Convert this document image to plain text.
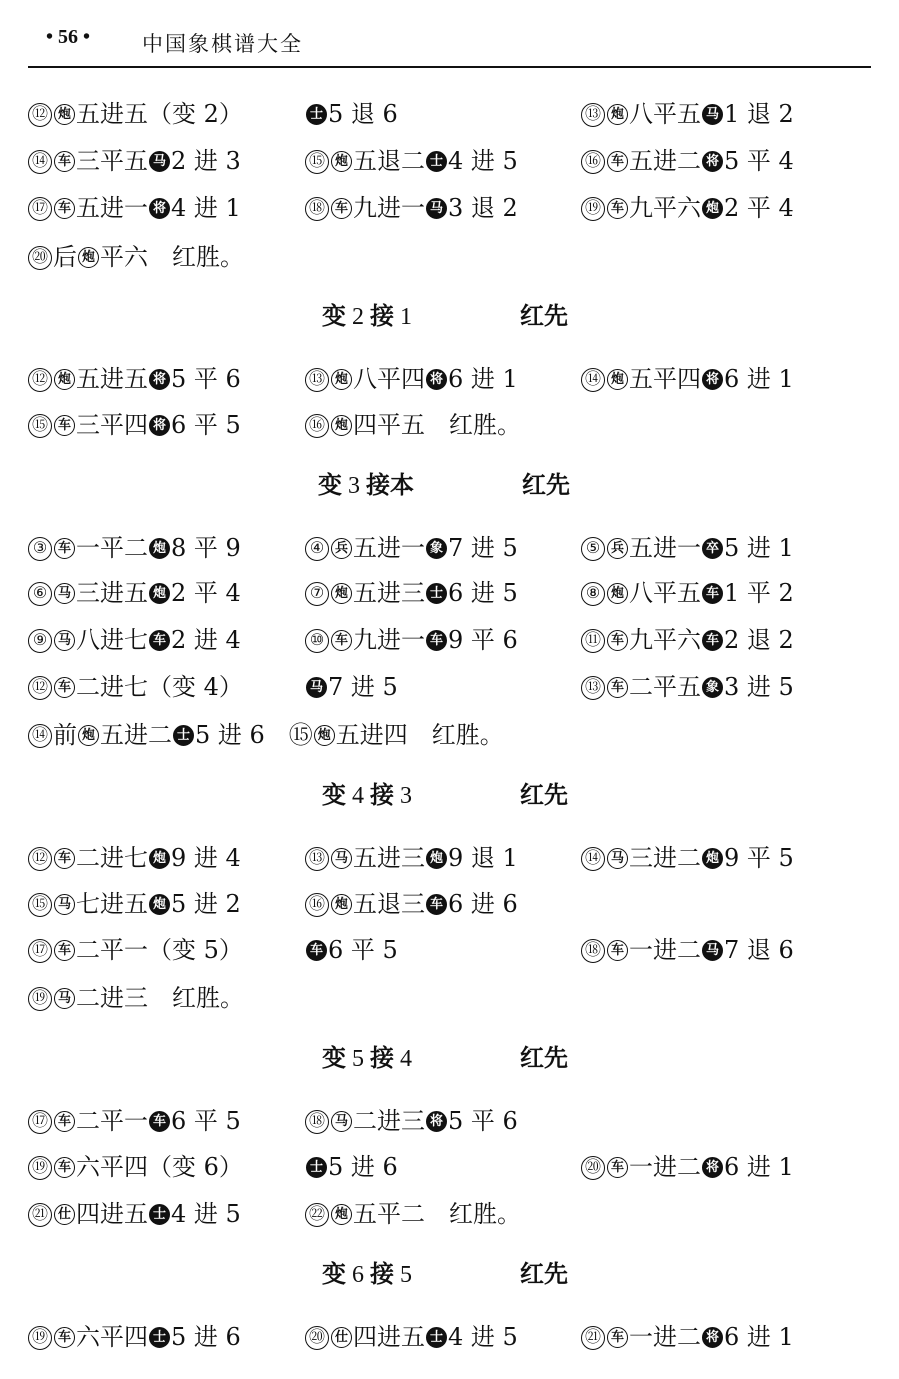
• 56 • 中国象棋谱大全
⑫ 炮 五进五（变 2）	士 5 退 6	⑬ 炮 八平五 马 1 退 2
⑭ 车 三平五 马 2 进 3	⑮ 炮 五退二 士 4 进 5	⑯ 车 五进二 将 5 平 4
⑰ 车 五进一 将 4 进 1	⑱ 车 九进一 马 3 退 2	⑲ 车 九平六 炮 2 平 4
⑳ 后 炮 平六　红胜。
变 2 接 1	红先
⑫ 炮 五进五 将 5 平 6	⑬ 炮 八平四 将 6 进 1	⑭ 炮 五平四 将 6 进 1
⑮ 车 三平四 将 6 平 5	⑯ 炮 四平五　红胜。
变 3 接本	红先
③ 车 一平二 炮 8 平 9	④ 兵 五进一 象 7 进 5	⑤ 兵 五进一 卒 5 进 1
⑥ 马 三进五 炮 2 平 4	⑦ 炮 五进三 士 6 进 5	⑧ 炮 八平五 车 1 平 2
⑨ 马 八进七 车 2 进 4	⑩ 车 九进一 车 9 平 6	⑪ 车 九平六 车 2 退 2
⑫ 车 二进七（变 4）	马 7 进 5	⑬ 车 二平五 象 3 进 5
⑭ 前 炮 五进二 士 5 进 6　⑮ 炮 五进四　红胜。
变 4 接 3	红先
⑫ 车 二进七 炮 9 进 4	⑬ 马 五进三 炮 9 退 1	⑭ 马 三进二 炮 9 平 5
⑮ 马 七进五 炮 5 进 2	⑯ 炮 五退三 车 6 进 6
⑰ 车 二平一（变 5）	车 6 平 5	⑱ 车 一进二 马 7 退 6
⑲ 马 二进三　红胜。
变 5 接 4	红先
⑰ 车 二平一 车 6 平 5	⑱ 马 二进三 将 5 平 6
⑲ 车 六平四（变 6）	士 5 进 6	⑳ 车 一进二 将 6 进 1
㉑ 仕 四进五 士 4 进 5	㉒ 炮 五平二　红胜。
变 6 接 5	红先
⑲ 车 六平四 士 5 进 6	⑳ 仕 四进五 士 4 进 5	㉑ 车 一进二 将 6 进 1
